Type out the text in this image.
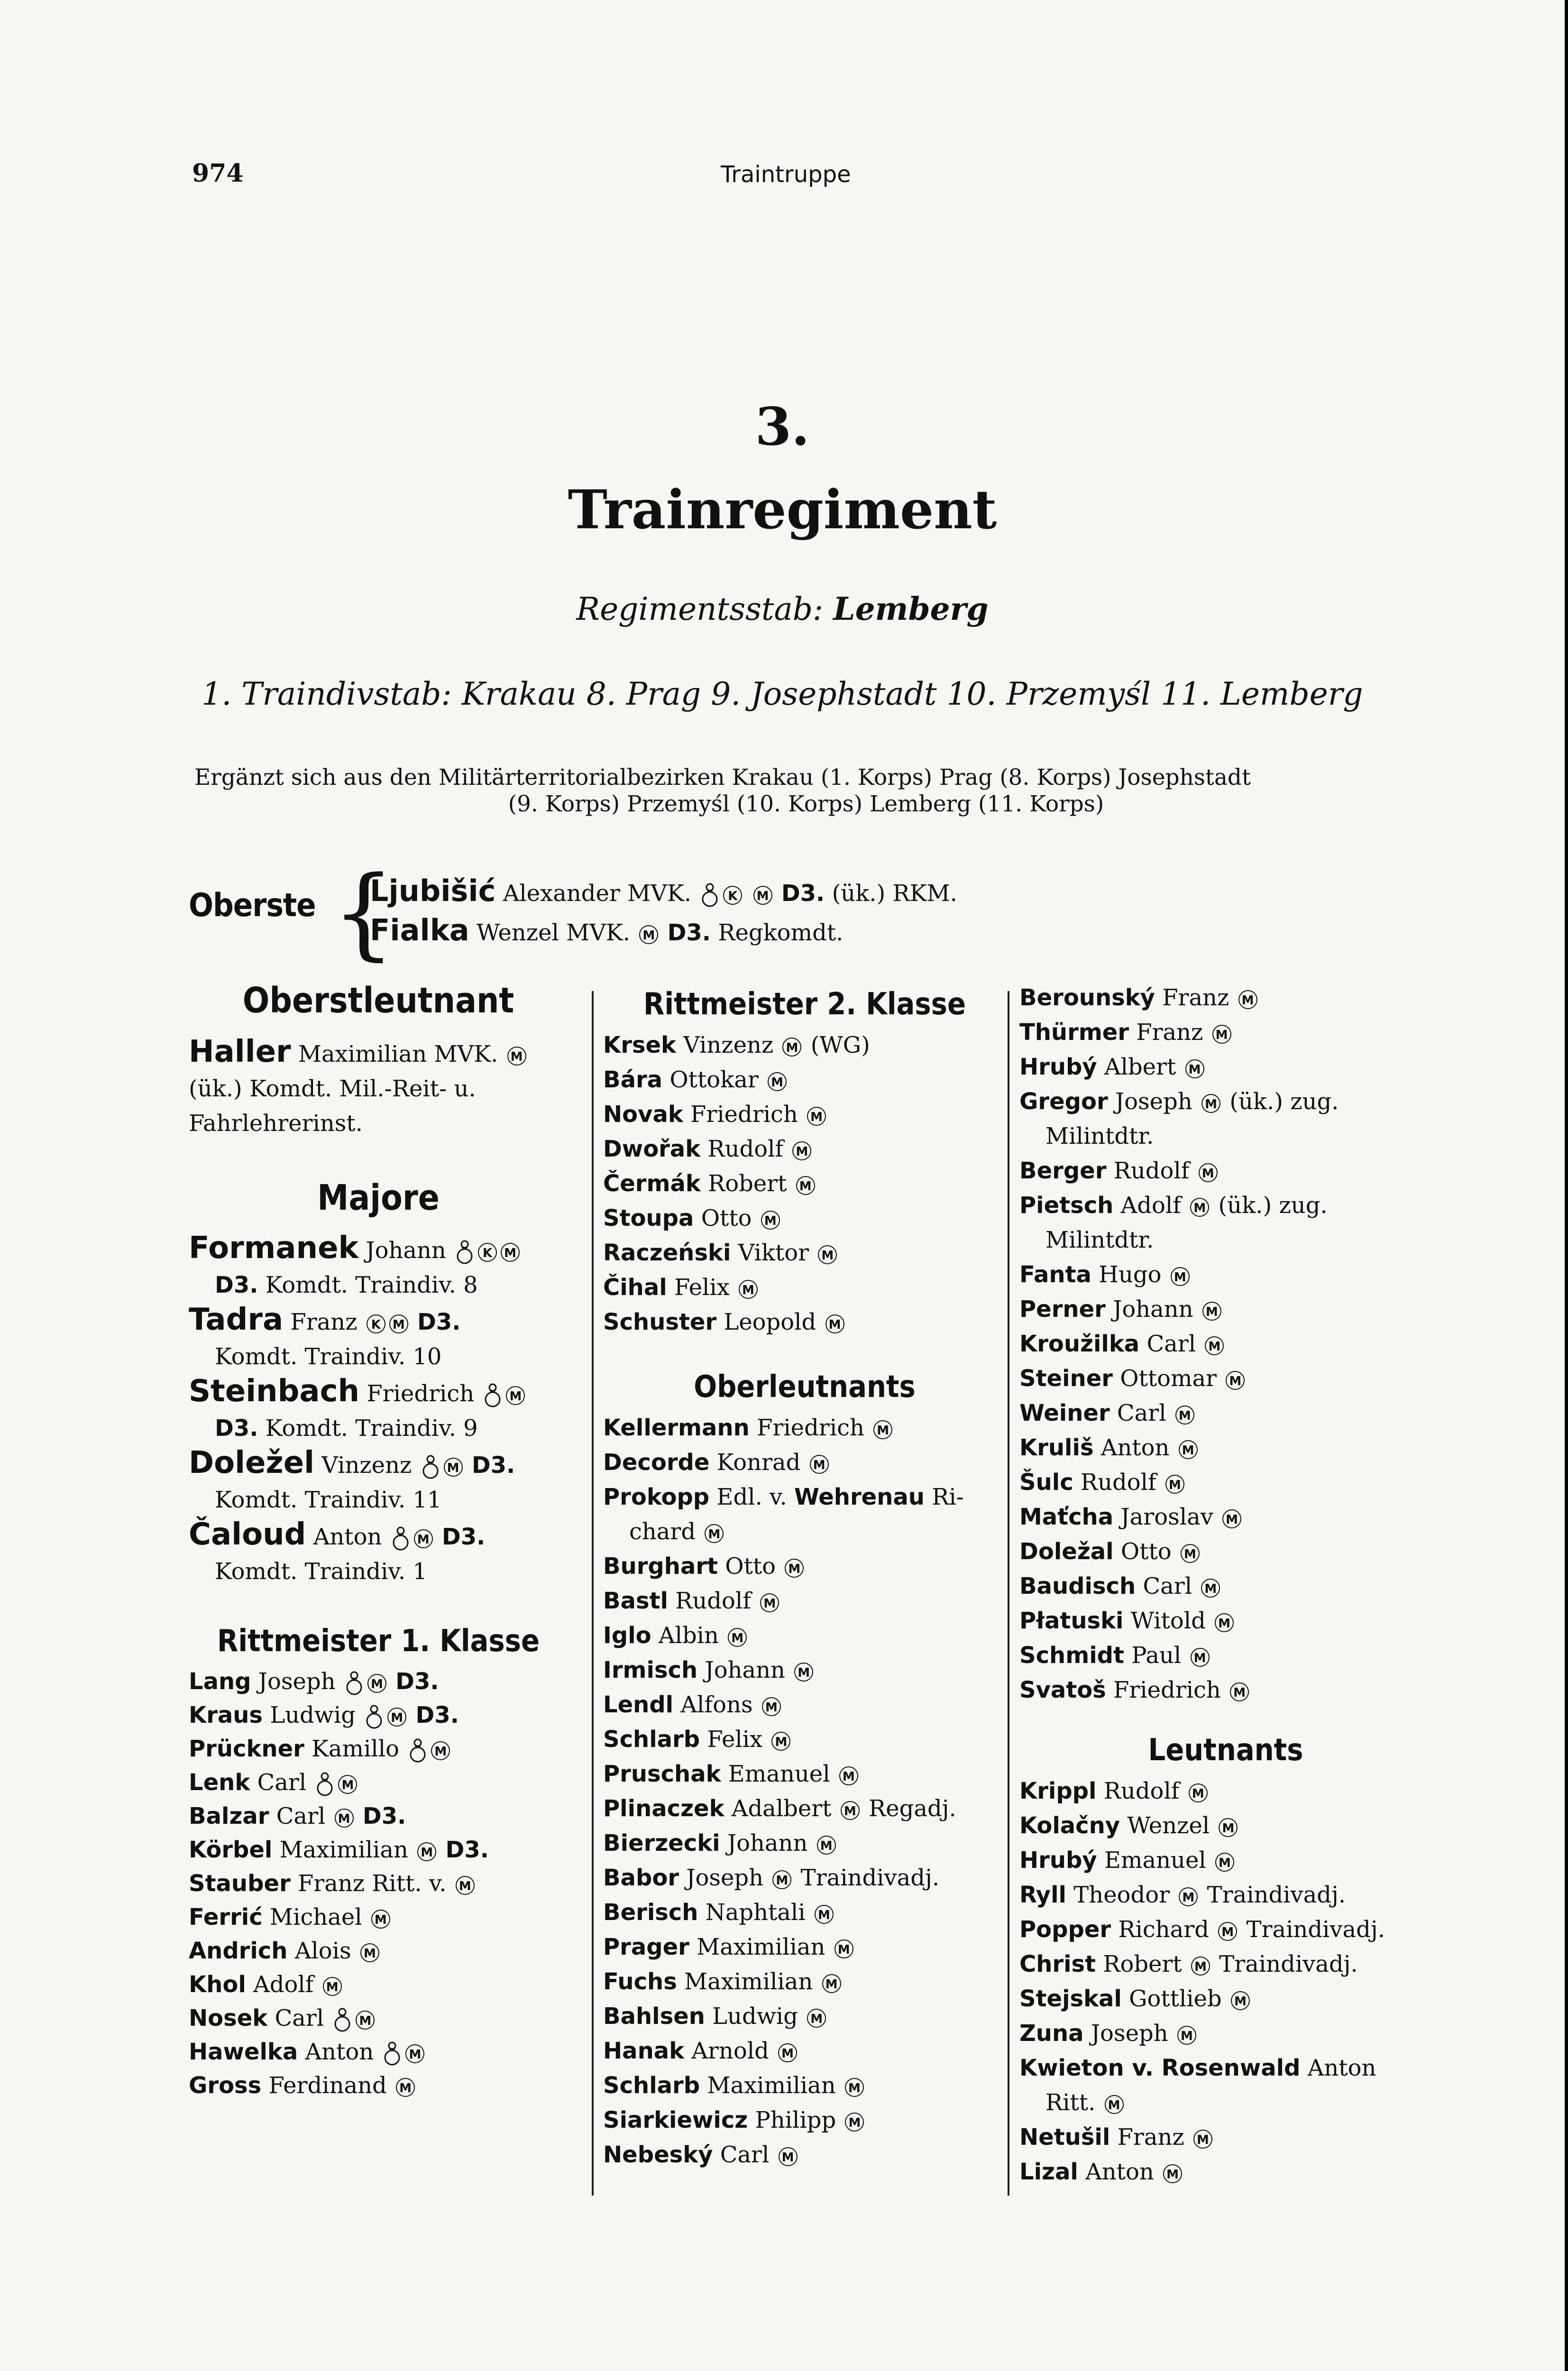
974	Traintruppe
3.
Trainregiment
Regimentsstab: Lemberg
1. Traindivstab: Krakau 8. Prag 9. Josephstadt 10. Przemyśl 11. Lemberg
Ergänzt sich aus den Militärterritorialbezirken Krakau (1. Korps) Prag (8. Korps) Josephstadt
(9. Korps) Przemyśl (10. Korps) Lemberg (11. Korps)
Oberste {
Ljubišić Alexander MVK.	K M D3. (ük.) RKM.
Fialka Wenzel MVK. M D3. Regkomdt.
Oberstleutnant
Haller Maximilian MVK. M
(ük.) Komdt. Mil.-Reit- u.
Fahrlehrerinst.
Majore
Formanek Johann	K M
D3. Komdt. Traindiv. 8
Tadra Franz K M D3.
Komdt. Traindiv. 10
Steinbach Friedrich	M
D3. Komdt. Traindiv. 9
Doležel Vinzenz	M D3.
Komdt. Traindiv. 11
Čaloud Anton	M D3.
Komdt. Traindiv. 1
Rittmeister 1. Klasse
Lang Joseph	M D3.
Kraus Ludwig	M D3.
Prückner Kamillo	M
Lenk Carl	M
Balzar Carl M D3.
Körbel Maximilian M D3.
Stauber Franz Ritt. v. M
Ferrić Michael M
Andrich Alois M
Khol Adolf M
Nosek Carl	M
Hawelka Anton	M
Gross Ferdinand M
Rittmeister 2. Klasse
Krsek Vinzenz M (WG)
Bára Ottokar M
Novak Friedrich M
Dwořak Rudolf M
Čermák Robert M
Stoupa Otto M
Raczeński Viktor M
Čihal Felix M
Schuster Leopold M
Oberleutnants
Kellermann Friedrich M
Decorde Konrad M
Prokopp Edl. v. Wehrenau Ri-
chard M
Burghart Otto M
Bastl Rudolf M
Iglo Albin M
Irmisch Johann M
Lendl Alfons M
Schlarb Felix M
Pruschak Emanuel M
Plinaczek Adalbert M Regadj.
Bierzecki Johann M
Babor Joseph M Traindivadj.
Berisch Naphtali M
Prager Maximilian M
Fuchs Maximilian M
Bahlsen Ludwig M
Hanak Arnold M
Schlarb Maximilian M
Siarkiewicz Philipp M
Nebeský Carl M
Berounský Franz M
Thürmer Franz M
Hrubý Albert M
Gregor Joseph M (ük.) zug.
Milintdtr.
Berger Rudolf M
Pietsch Adolf M (ük.) zug.
Milintdtr.
Fanta Hugo M
Perner Johann M
Kroužilka Carl M
Steiner Ottomar M
Weiner Carl M
Kruliš Anton M
Šulc Rudolf M
Maťcha Jaroslav M
Doležal Otto M
Baudisch Carl M
Płatuski Witold M
Schmidt Paul M
Svatoš Friedrich M
Leutnants
Krippl Rudolf M
Kolačny Wenzel M
Hrubý Emanuel M
Ryll Theodor M Traindivadj.
Popper Richard M Traindivadj.
Christ Robert M Traindivadj.
Stejskal Gottlieb M
Zuna Joseph M
Kwieton v. Rosenwald Anton
Ritt. M
Netušil Franz M
Lizal Anton M
